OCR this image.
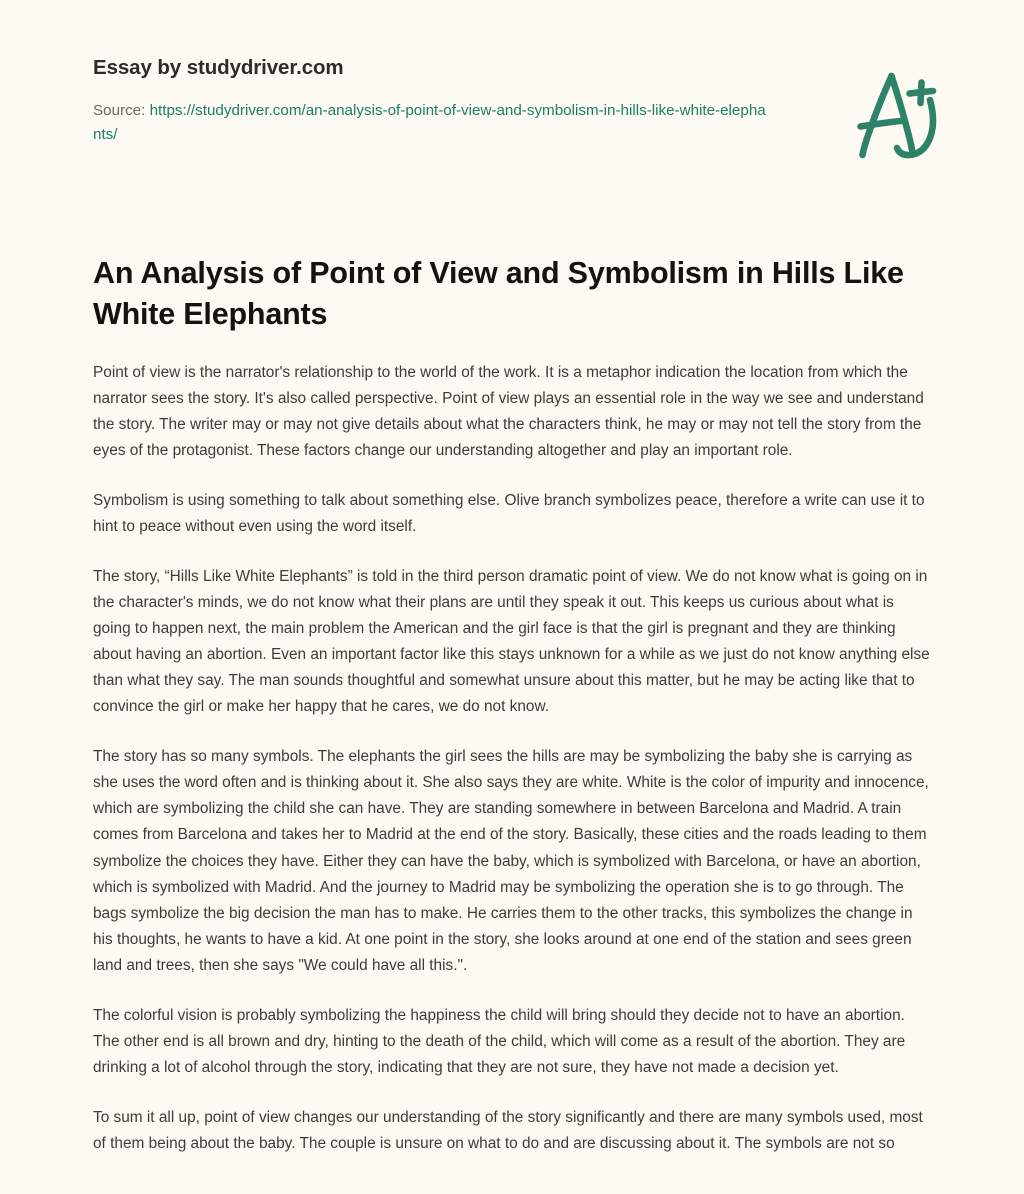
Essay by studydriver.com

Source: https://studydriver.com/an-analysis-of-point-of-view-and-symbolism-in-hills-like-white-elephants/

An Analysis of Point of View and Symbolism in Hills Like White Elephants

Point of view is the narrator's relationship to the world of the work. It is a metaphor indication the location from which the narrator sees the story. It's also called perspective. Point of view plays an essential role in the way we see and understand the story. The writer may or may not give details about what the characters think, he may or may not tell the story from the eyes of the protagonist. These factors change our understanding altogether and play an important role.

Symbolism is using something to talk about something else. Olive branch symbolizes peace, therefore a write can use it to hint to peace without even using the word itself.

The story, “Hills Like White Elephants” is told in the third person dramatic point of view. We do not know what is going on in the character's minds, we do not know what their plans are until they speak it out. This keeps us curious about what is going to happen next, the main problem the American and the girl face is that the girl is pregnant and they are thinking about having an abortion. Even an important factor like this stays unknown for a while as we just do not know anything else than what they say. The man sounds thoughtful and somewhat unsure about this matter, but he may be acting like that to convince the girl or make her happy that he cares, we do not know.

The story has so many symbols. The elephants the girl sees the hills are may be symbolizing the baby she is carrying as she uses the word often and is thinking about it. She also says they are white. White is the color of impurity and innocence, which are symbolizing the child she can have. They are standing somewhere in between Barcelona and Madrid. A train comes from Barcelona and takes her to Madrid at the end of the story. Basically, these cities and the roads leading to them symbolize the choices they have. Either they can have the baby, which is symbolized with Barcelona, or have an abortion, which is symbolized with Madrid. And the journey to Madrid may be symbolizing the operation she is to go through. The bags symbolize the big decision the man has to make. He carries them to the other tracks, this symbolizes the change in his thoughts, he wants to have a kid. At one point in the story, she looks around at one end of the station and sees green land and trees, then she says "We could have all this.".

The colorful vision is probably symbolizing the happiness the child will bring should they decide not to have an abortion. The other end is all brown and dry, hinting to the death of the child, which will come as a result of the abortion. They are drinking a lot of alcohol through the story, indicating that they are not sure, they have not made a decision yet.

To sum it all up, point of view changes our understanding of the story significantly and there are many symbols used, most of them being about the baby. The couple is unsure on what to do and are discussing about it. The symbols are not so
